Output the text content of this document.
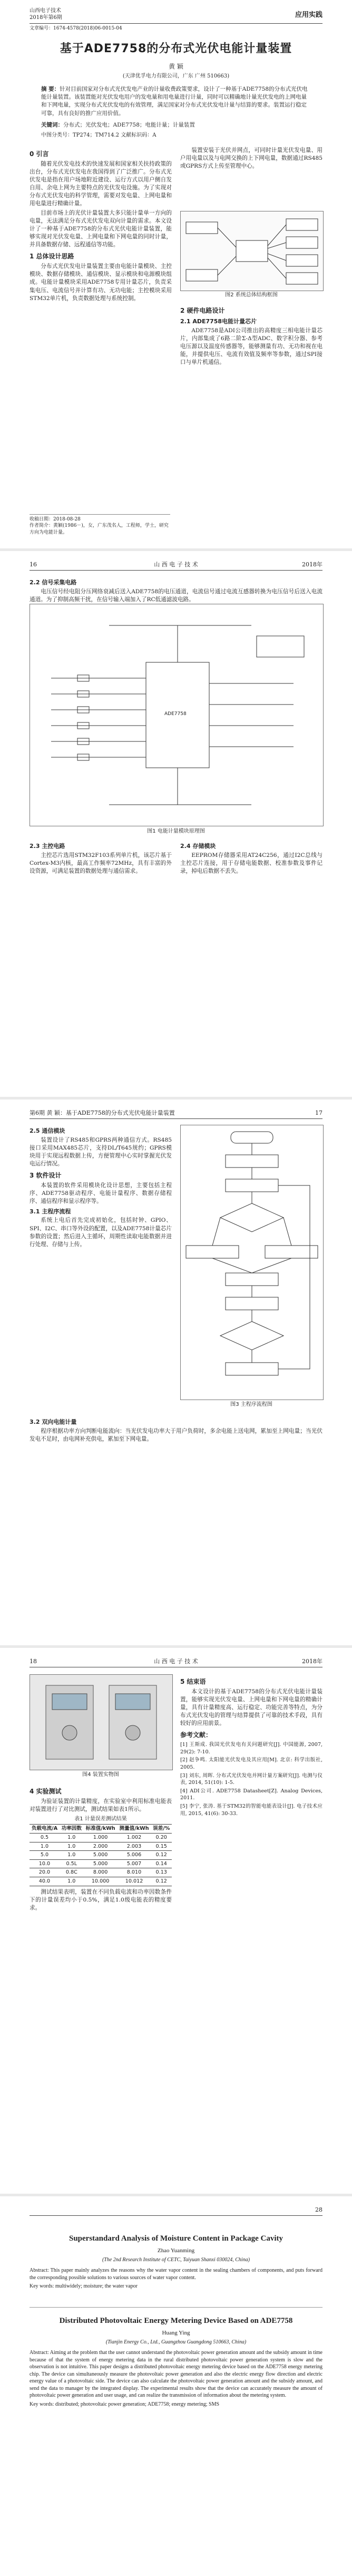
山西电子技术
2018年第6期	应用实践
文章编号：1674-4578(2018)06-0015-04
基于ADE7758的分布式光伏电能计量装置
黄 颖
(天津优孚电力有限公司，广东 广州 510663)
摘 要：针对目前国家对分布式光伏发电产业的计量收费政策要求，设计了一种基于ADE7758的分布式光伏电能计量装置。该装置能对光伏发电用户的发电量和用电量进行计量，同时可以精确地计量光伏发电的上网电量和下网电量，实现分布式光伏发电的有效管理，满足国家对分布式光伏发电计量与结算的要求。装置运行稳定可靠，具有良好的推广应用价值。
关键词：分布式；光伏发电；ADE7758；电能计量；计量装置
中图分类号：TP274；TM714.2 文献标识码：A
0 引言

随着光伏发电技术的快速发展和国家相关扶持政策的出台，分布式光伏发电在我国得到了广泛推广。分布式光伏发电是指在用户场地附近建设、运行方式以用户侧自发自用、余电上网为主要特点的光伏发电设施。为了实现对分布式光伏发电的科学管理，需要对发电量、上网电量和用电量进行精确计量。

目前市场上的光伏计量装置大多只能计量单一方向的电量，无法满足分布式光伏发电双向计量的需求。本文设计了一种基于ADE7758的分布式光伏电能计量装置，能够实现对光伏发电量、上网电量和下网电量的同时计量，并具备数据存储、远程通信等功能。

1 总体设计思路

分布式光伏发电计量装置主要由电能计量模块、主控模块、数据存储模块、通信模块、显示模块和电源模块组成。电能计量模块采用ADE7758专用计量芯片，负责采集电压、电流信号并计算有功、无功电能；主控模块采用STM32单片机，负责数据处理与系统控制。

装置安装于光伏并网点，可同时计量光伏发电量、用户用电量以及与电网交换的上下网电量，数据通过RS485或GPRS方式上传至管理中心。

图2 系统总体结构框图
2 硬件电路设计
2.1 ADE7758电能计量芯片

ADE7758是ADI公司推出的高精度三相电能计量芯片，内部集成了6路二阶Σ-Δ型ADC、数字积分器、参考电压源以及温度传感器等，能够测量有功、无功和视在电能，并提供电压、电流有效值及频率等参数，通过SPI接口与单片机通信。

收稿日期：2018-08-28
作者简介：黄颖(1986－)，女，广东茂名人，工程师，学士，研究方向为电能计量。
16	山 西 电 子 技 术	2018年
2.2 信号采集电路

电压信号经电阻分压网络衰减后送入ADE7758的电压通道，电流信号通过电流互感器转换为电压信号后送入电流通道。为了抑制高频干扰，在信号输入端加入了RC低通滤波电路。

ADE7758
图1 电能计量模块原理图
2.3 主控电路

主控芯片选用STM32F103系列单片机，该芯片基于Cortex-M3内核，最高工作频率72MHz，具有丰富的外设资源，可满足装置的数据处理与通信需求。

2.4 存储模块

EEPROM存储器采用AT24C256，通过I2C总线与主控芯片连接，用于存储电能数据、校准参数及事件记录，掉电后数据不丢失。

第6期 黄 颖：基于ADE7758的分布式光伏电能计量装置	17
2.5 通信模块

装置设计了RS485和GPRS两种通信方式。RS485接口采用MAX485芯片，支持DL/T645规约；GPRS模块用于实现远程数据上传，方便管理中心实时掌握光伏发电运行情况。

3 软件设计

本装置的软件采用模块化设计思想，主要包括主程序、ADE7758驱动程序、电能计量程序、数据存储程序、通信程序和显示程序等。

3.1 主程序流程

系统上电后首先完成初始化，包括时钟、GPIO、SPI、I2C、串口等外设的配置，以及ADE7758计量芯片参数的设置；然后进入主循环，周期性读取电能数据并进行处理、存储与上传。

图3 主程序流程图
3.2 双向电能计量

程序根据功率方向判断电能流向：当光伏发电功率大于用户负荷时，多余电能上送电网，累加至上网电量；当光伏发电不足时，由电网补充供电，累加至下网电量。

18	山 西 电 子 技 术	2018年
图4 装置实物图
4 实验测试

为验证装置的计量精度，在实验室中利用标准电能表对装置进行了对比测试，测试结果如表1所示。

表1 计量误差测试结果
负载电流/A	功率因数	标准值/kWh	测量值/kWh	误差/%
0.5	1.0	1.000	1.002	0.20
1.0	1.0	2.000	2.003	0.15
5.0	1.0	5.000	5.006	0.12
10.0	0.5L	5.000	5.007	0.14
20.0	0.8C	8.000	8.010	0.13
40.0	1.0	10.000	10.012	0.12

测试结果表明，装置在不同负载电流和功率因数条件下的计量误差均小于0.5%，满足1.0级电能表的精度要求。

5 结束语

本文设计的基于ADE7758的分布式光伏电能计量装置，能够实现光伏发电量、上网电量和下网电量的精确计量，具有计量精度高、运行稳定、功能完善等特点，为分布式光伏发电的管理与结算提供了可靠的技术手段，具有较好的应用前景。

参考文献：
[1] 王斯成. 我国光伏发电有关问题研究[J]. 中国能源, 2007, 29(2): 7-10.
[2] 赵争鸣. 太阳能光伏发电及其应用[M]. 北京: 科学出版社, 2005.
[3] 刘东, 周晖. 分布式光伏发电并网计量方案研究[J]. 电测与仪表, 2014, 51(10): 1-5.
[4] ADI公司. ADE7758 Datasheet[Z]. Analog Devices, 2011.
[5] 李宁, 张涛. 基于STM32的智能电能表设计[J]. 电子技术应用, 2015, 41(6): 30-33.
28
Superstandard Analysis of Moisture Content in Package Cavity
Zhao Yuanming
(The 2nd Research Institute of CETC, Taiyuan Shanxi 030024, China)
Abstract: This paper mainly analyzes the reasons why the water vapor content in the sealing chambers of components, and puts forward the corresponding possible solutions to various sources of water vapor content.
Key words: multiwidely; moisture; the water vapor
Distributed Photovoltaic Energy Metering Device Based on ADE7758
Huang Ying
(Tianjin Energy Co., Ltd., Guangzhou Guangdong 510663, China)
Abstract: Aiming at the problem that the user cannot understand the photovoltaic power generation amount and the subsidy amount in time because of that the system of energy metering data in the rural distributed photovoltaic power generation system is slow and the observation is not intuitive. This paper designs a distributed photovoltaic energy metering device based on the ADE7758 energy metering chip. The device can simultaneously measure the photovoltaic power generation and also the electric energy flow direction and electric energy value of a photovoltaic side. The device can also calculate the photovoltaic power generation amount and the subsidy amount, and send the data to manager by the integrated display. The experimental results show that the device can accurately measure the amount of photovoltaic power generation and user usage, and can realize the transmission of information about the metering system.
Key words: distributed; photovoltaic power generation; ADE7758; energy metering; SMS
